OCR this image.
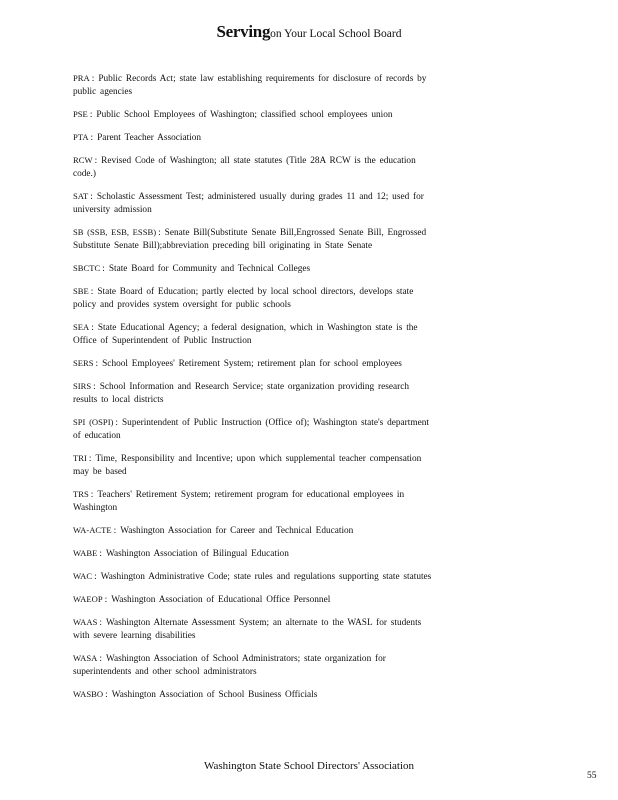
Servingon Your Local School Board
PRA : Public Records Act; state law establishing requirements for disclosure of records by public agencies
PSE : Public School Employees of Washington; classified school employees union
PTA : Parent Teacher Association
RCW : Revised Code of Washington; all state statutes (Title 28A RCW is the education code.)
SAT : Scholastic Assessment Test; administered usually during grades 11 and 12; used for university admission
SB (SSB, ESB, ESSB) : Senate Bill(Substitute Senate Bill,Engrossed Senate Bill, Engrossed Substitute Senate Bill);abbreviation preceding bill originating in State Senate
SBCTC : State Board for Community and Technical Colleges
SBE : State Board of Education; partly elected by local school directors, develops state policy and provides system oversight for public schools
SEA : State Educational Agency; a federal designation, which in Washington state is the Office of Superintendent of Public Instruction
SERS : School Employees' Retirement System; retirement plan for school employees
SIRS : School Information and Research Service; state organization providing research results to local districts
SPI (OSPI) : Superintendent of Public Instruction (Office of); Washington state's department of education
TRI : Time, Responsibility and Incentive; upon which supplemental teacher compensation may be based
TRS : Teachers' Retirement System; retirement program for educational employees in Washington
WA-ACTE : Washington Association for Career and Technical Education
WABE : Washington Association of Bilingual Education
WAC : Washington Administrative Code; state rules and regulations supporting state statutes
WAEOP : Washington Association of Educational Office Personnel
WAAS : Washington Alternate Assessment System; an alternate to the WASL for students with severe learning disabilities
WASA : Washington Association of School Administrators; state organization for superintendents and other school administrators
WASBO : Washington Association of School Business Officials
Washington State School Directors' Association
55
